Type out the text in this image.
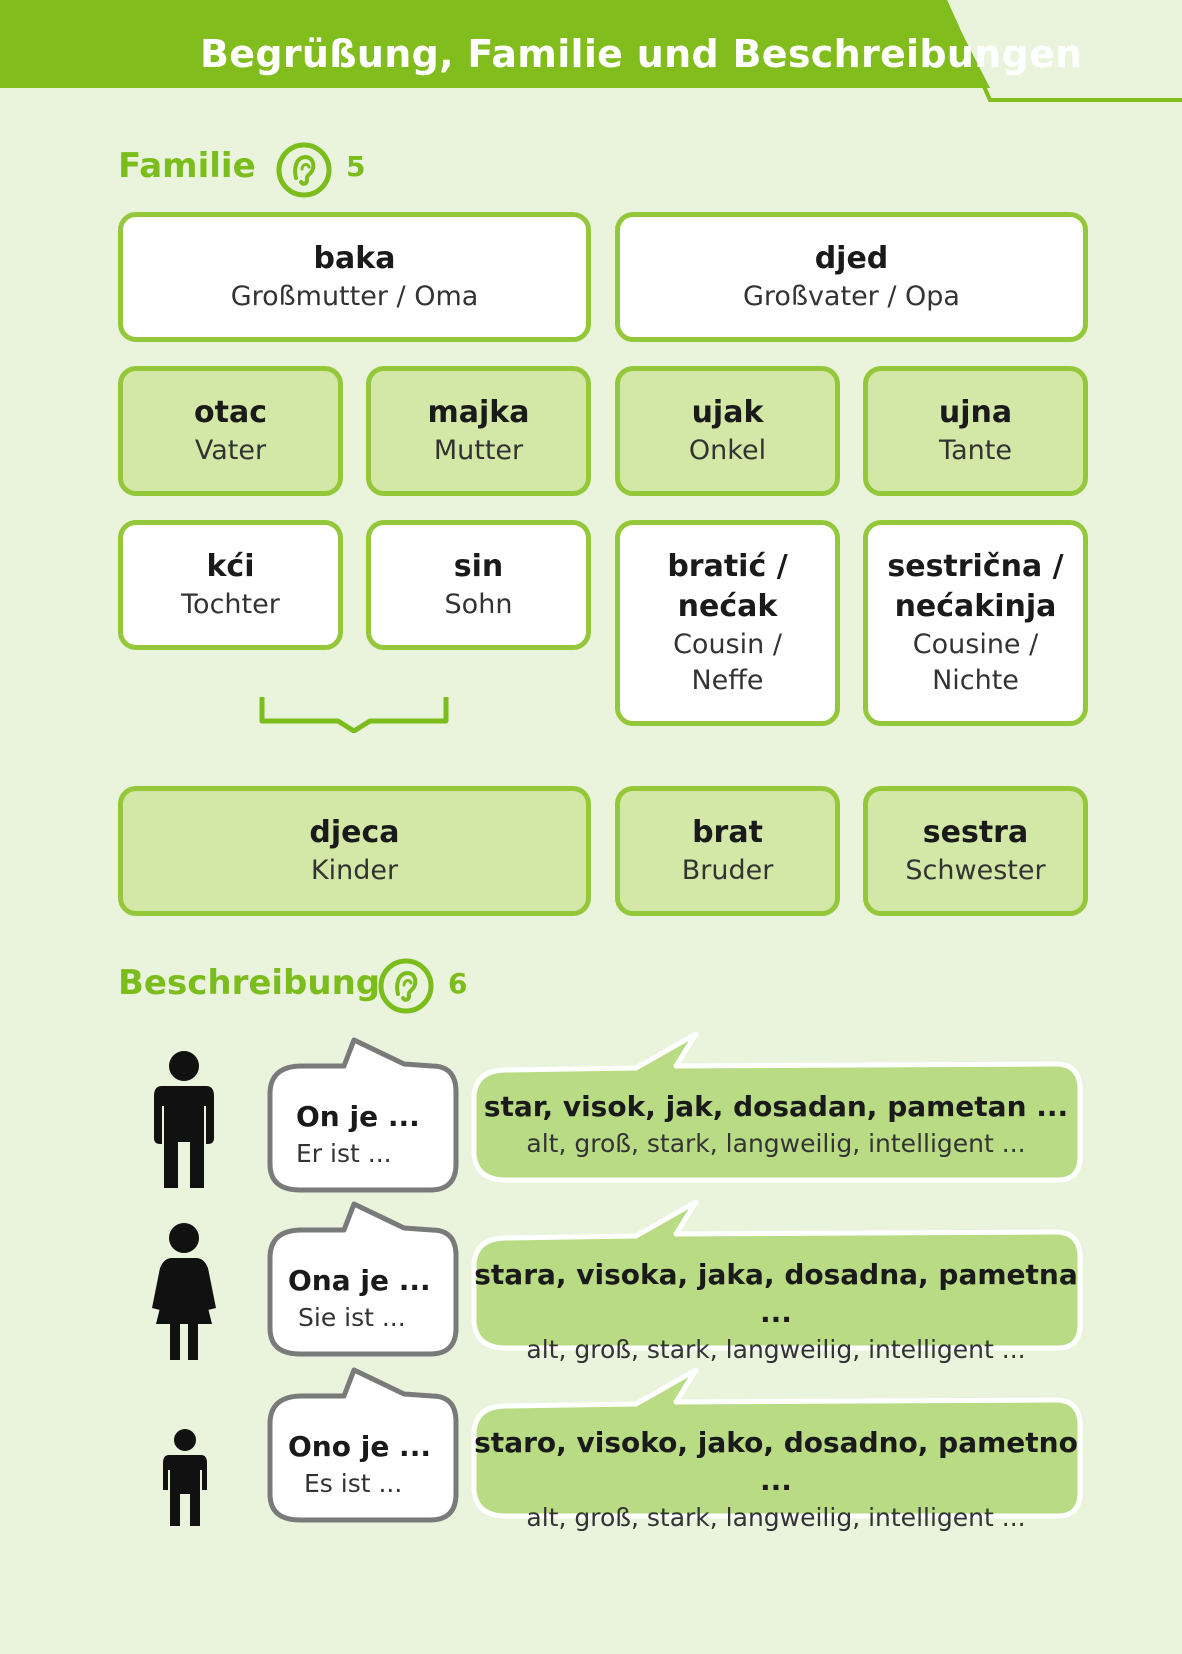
Begrüßung, Familie und Beschreibungen
Familie	5
baka
Großmutter / Oma
djed
Großvater / Opa
otac
Vater
majka
Mutter
ujak
Onkel
ujna
Tante
kći
Tochter
sin
Sohn
bratić /
nećak
Cousin /
Neffe
sestrična /
nećakinja
Cousine /
Nichte
djeca
Kinder
brat
Bruder
sestra
Schwester
Beschreibung 6
On je ...
Er ist ...
star, visok, jak, dosadan, pametan ...
alt, groß, stark, langweilig, intelligent ...
Ona je ...
Sie ist ...
stara, visoka, jaka, dosadna, pametna ...
alt, groß, stark, langweilig, intelligent ...
Ono je ...
Es ist ...
staro, visoko, jako, dosadno, pametno ...
alt, groß, stark, langweilig, intelligent ...
